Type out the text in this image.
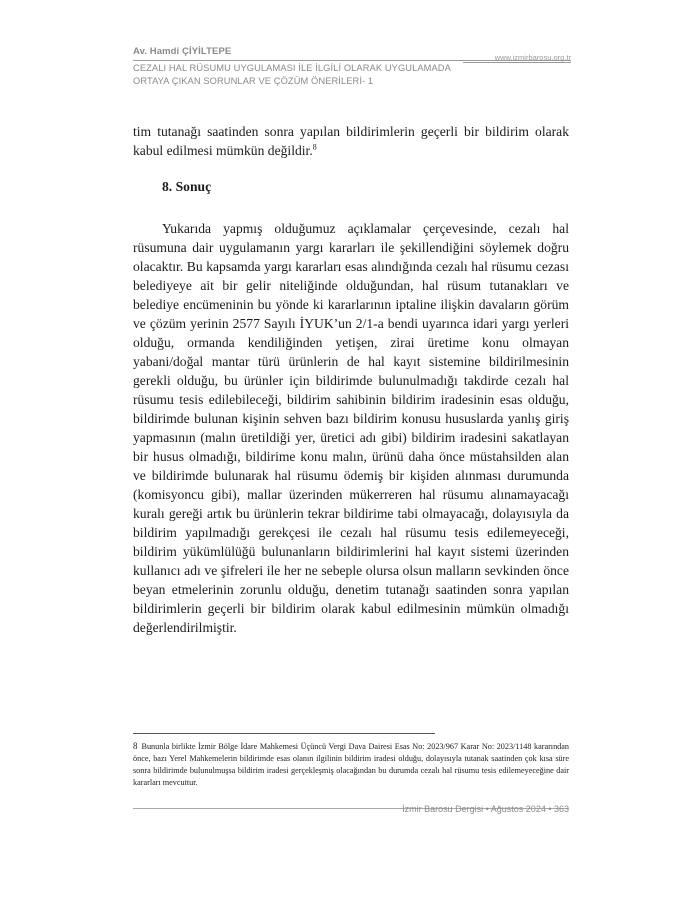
Av. Hamdi ÇİYİLTEPE
www.izmirbarosu.org.tr
CEZALI HAL RÜSUMU UYGULAMASI İLE İLGİLİ OLARAK UYGULAMADA
ORTAYA ÇIKAN SORUNLAR VE ÇÖZÜM ÖNERİLERİ- 1
tim tutanağı saatinden sonra yapılan bildirimlerin geçerli bir bildirim olarak kabul edilmesi mümkün değildir.$^8$
8. Sonuç
Yukarıda yapmış olduğumuz açıklamalar çerçevesinde, cezalı hal rüsumuna dair uygulamanın yargı kararları ile şekillendiğini söylemek doğru olacaktır. Bu kapsamda yargı kararları esas alındığında cezalı hal rüsumu cezası belediyeye ait bir gelir niteliğinde olduğundan, hal rüsum tutanakları ve belediye encümeninin bu yönde ki kararlarının iptaline ilişkin davaların görüm ve çözüm yerinin 2577 Sayılı İYUK’un 2/1-a bendi uyarınca idari yargı yerleri olduğu, ormanda kendiliğinden yetişen, zirai üretime konu olmayan yabani/doğal mantar türü ürünlerin de hal kayıt sistemine bildirilmesinin gerekli olduğu, bu ürünler için bildirimde bulunulmadığı takdirde cezalı hal rüsumu tesis edilebileceği, bildirim sahibinin bildirim iradesinin esas olduğu, bildirimde bulunan kişinin sehven bazı bildirim konusu hususlarda yanlış giriş yapmasının (malın üretildiği yer, üretici adı gibi) bildirim iradesini sakatlayan bir husus olmadığı, bildirime konu malın, ürünü daha önce müstahsilden alan ve bildirimde bulunarak hal rüsumu ödemiş bir kişiden alınması durumunda (komisyoncu gibi), mallar üzerinden mükerreren hal rüsumu alınamayacağı kuralı gereği artık bu ürünlerin tekrar bildirime tabi olmayacağı, dolayısıyla da bildirim yapılmadığı gerekçesi ile cezalı hal rüsumu tesis edilemeyeceği, bildirim yükümlülüğü bulunanların bildirimlerini hal kayıt sistemi üzerinden kullanıcı adı ve şifreleri ile her ne sebeple olursa olsun malların sevkinden önce beyan etmelerinin zorunlu olduğu, denetim tutanağı saatinden sonra yapılan bildirimlerin geçerli bir bildirim olarak kabul edilmesinin mümkün olmadığı değerlendirilmiştir.
8 Bununla birlikte İzmir Bölge İdare Mahkemesi Üçüncü Vergi Dava Dairesi Esas No: 2023/967 Karar No: 2023/1148 kararından önce, bazı Yerel Mahkemelerin bildirimde esas olanın ilgilinin bildirim iradesi olduğu, dolayısıyla tutanak saatinden çok kısa süre sonra bildirimde bulunulmuşsa bildirim iradesi gerçekleşmiş olacağından bu durumda cezalı hal rüsumu tesis edilemeyeceğine dair kararları mevcuttur.
İzmir Barosu Dergisi • Ağustos 2024 • 363
